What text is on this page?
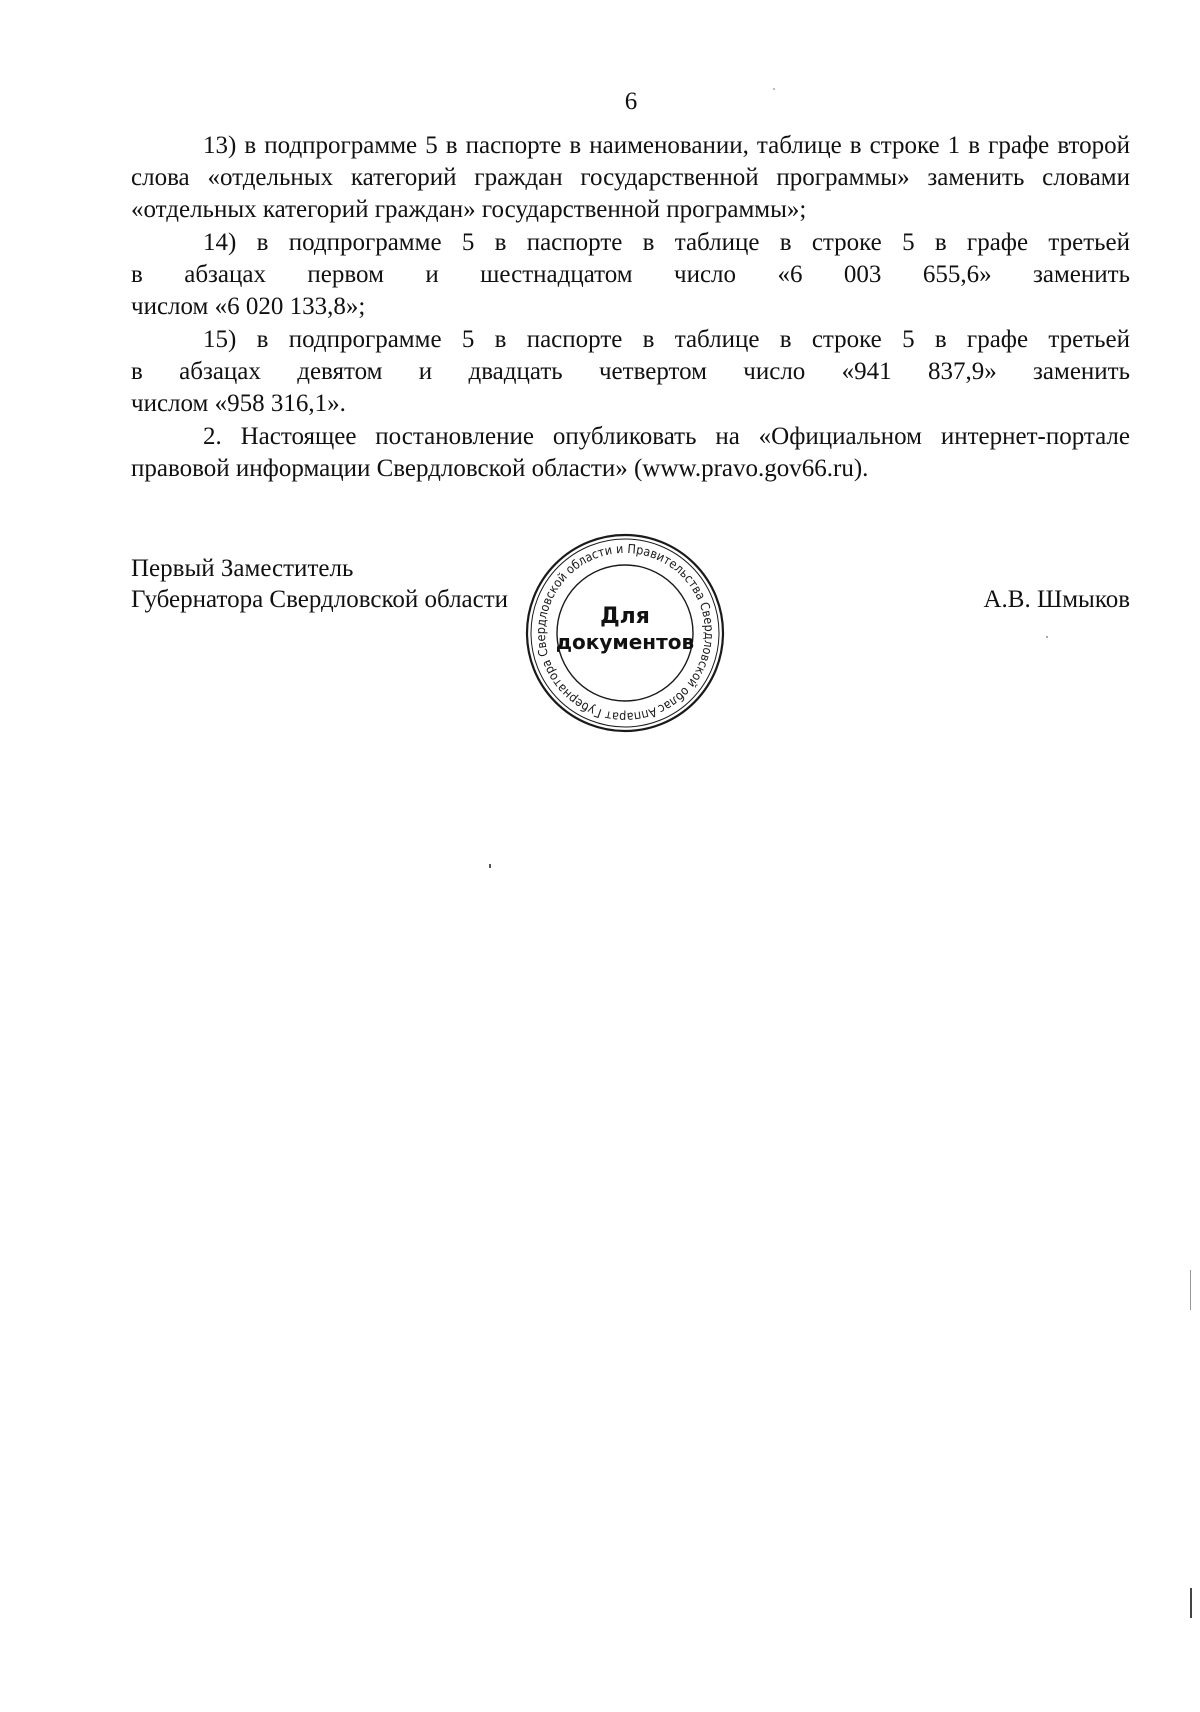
6

13) в подпрограмме 5 в паспорте в наименовании, таблице в строке 1 в графе второй слова «отдельных категорий граждан государственной программы» заменить словами «отдельных категорий граждан» государственной программы»;

14) в подпрограмме 5 в паспорте в таблице в строке 5 в графе третьей
в абзацах первом и шестнадцатом число «6 003 655,6» заменить
числом «6 020 133,8»;

15) в подпрограмме 5 в паспорте в таблице в строке 5 в графе третьей
в абзацах девятом и двадцать четвертом число «941 837,9» заменить
числом «958 316,1».

2. Настоящее постановление опубликовать на «Официальном интернет-портале правовой информации Свердловской области» (www.pravo.gov66.ru).

Первый Заместитель
Губернатора Свердловской области	А.В. Шмыков
Аппарат Губернатора Свердловской области и Правительства Свердловской области
Для
документов
